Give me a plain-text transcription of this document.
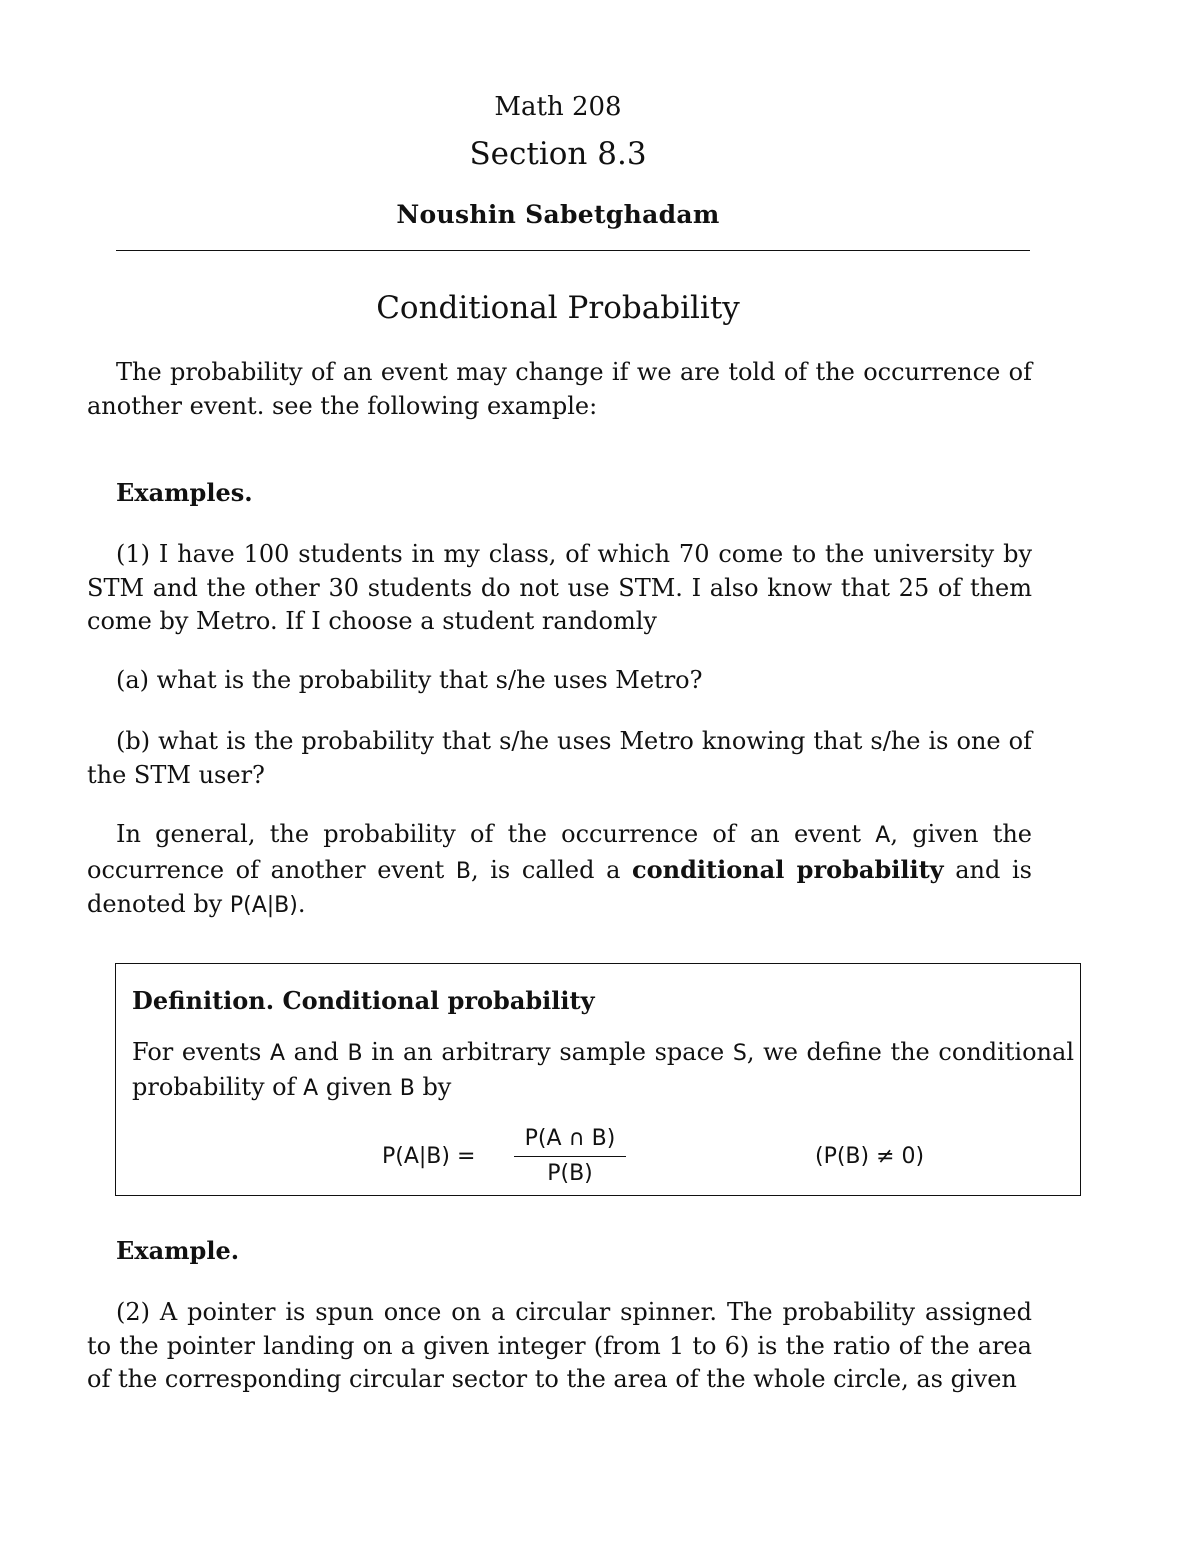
Math 208
Section 8.3
Noushin Sabetghadam
Conditional Probability
The probability of an event may change if we are told of the occurrence of another event. see the following example:
Examples.
(1) I have 100 students in my class, of which 70 come to the university by STM and the other 30 students do not use STM. I also know that 25 of them come by Metro. If I choose a student randomly
(a) what is the probability that s/he uses Metro?
(b) what is the probability that s/he uses Metro knowing that s/he is one of the STM user?
In general, the probability of the occurrence of an event A, given the occurrence of another event B, is called a conditional probability and is denoted by P(A|B).
Definition. Conditional probability
For events A and B in an arbitrary sample space S, we define the conditional probability of A given B by
P(A|B) =
P(A ∩ B)
P(B)
(P(B) ≠ 0)
Example.
(2) A pointer is spun once on a circular spinner. The probability assigned to the pointer landing on a given integer (from 1 to 6) is the ratio of the area of the corresponding circular sector to the area of the whole circle, as given
